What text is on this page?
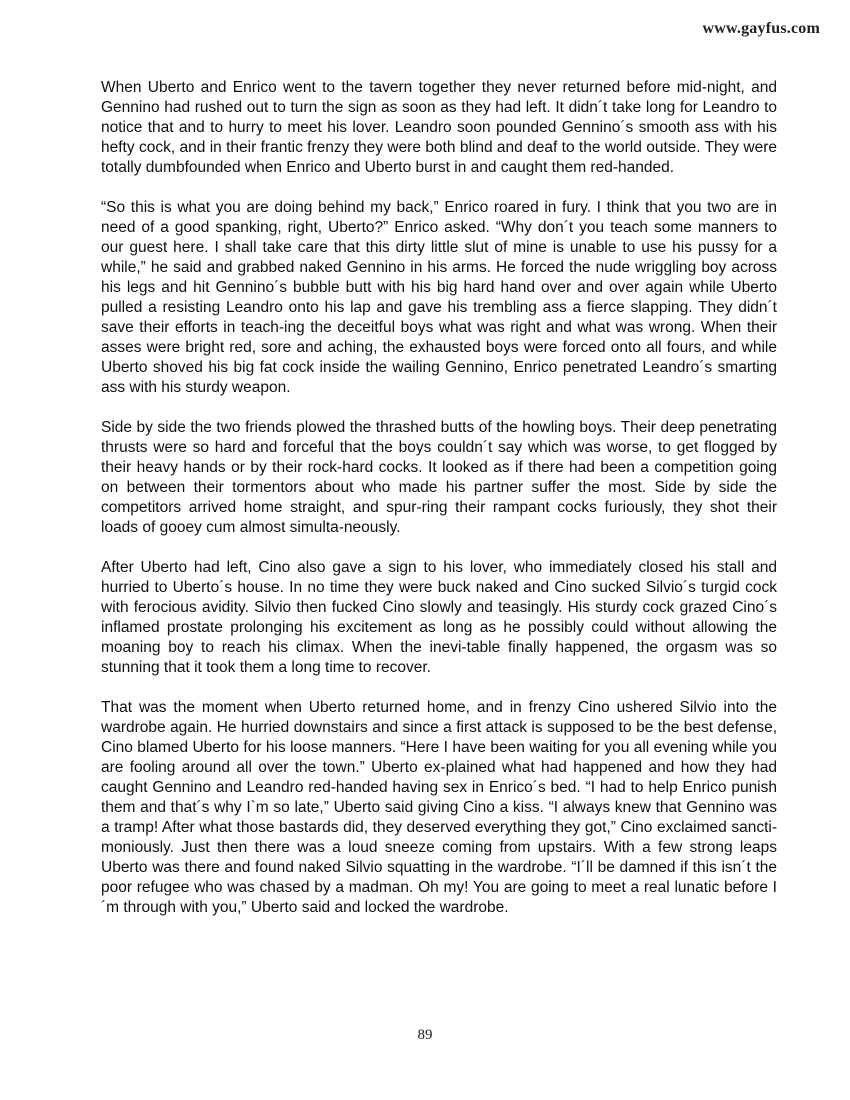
www.gayfus.com

When Uberto and Enrico went to the tavern together they never returned before mid-night, and Gennino had rushed out to turn the sign as soon as they had left. It didn´t take long for Leandro to notice that and to hurry to meet his lover. Leandro soon pounded Gennino´s smooth ass with his hefty cock, and in their frantic frenzy they were both blind and deaf to the world outside. They were totally dumbfounded when Enrico and Uberto burst in and caught them red-handed.

“So this is what you are doing behind my back,” Enrico roared in fury. I think that you two are in need of a good spanking, right, Uberto?” Enrico asked. “Why don´t you teach some manners to our guest here. I shall take care that this dirty little slut of mine is unable to use his pussy for a while,” he said and grabbed naked Gennino in his arms. He forced the nude wriggling boy across his legs and hit Gennino´s bubble butt with his big hard hand over and over again while Uberto pulled a resisting Leandro onto his lap and gave his trembling ass a fierce slapping. They didn´t save their efforts in teach-ing the deceitful boys what was right and what was wrong. When their asses were bright red, sore and aching, the exhausted boys were forced onto all fours, and while Uberto shoved his big fat cock inside the wailing Gennino, Enrico penetrated Leandro´s smarting ass with his sturdy weapon.

Side by side the two friends plowed the thrashed butts of the howling boys. Their deep penetrating thrusts were so hard and forceful that the boys couldn´t say which was worse, to get flogged by their heavy hands or by their rock-hard cocks. It looked as if there had been a competition going on between their tormentors about who made his partner suffer the most. Side by side the competitors arrived home straight, and spur-ring their rampant cocks furiously, they shot their loads of gooey cum almost simulta-neously.

After Uberto had left, Cino also gave a sign to his lover, who immediately closed his stall and hurried to Uberto´s house. In no time they were buck naked and Cino sucked Silvio´s turgid cock with ferocious avidity. Silvio then fucked Cino slowly and teasingly. His sturdy cock grazed Cino´s inflamed prostate prolonging his excitement as long as he possibly could without allowing the moaning boy to reach his climax. When the inevi-table finally happened, the orgasm was so stunning that it took them a long time to recover.

That was the moment when Uberto returned home, and in frenzy Cino ushered Silvio into the wardrobe again. He hurried downstairs and since a first attack is supposed to be the best defense, Cino blamed Uberto for his loose manners. “Here I have been waiting for you all evening while you are fooling around all over the town.” Uberto ex-plained what had happened and how they had caught Gennino and Leandro red-handed having sex in Enrico´s bed. “I had to help Enrico punish them and that´s why I`m so late,” Uberto said giving Cino a kiss. “I always knew that Gennino was a tramp! After what those bastards did, they deserved everything they got,” Cino exclaimed sancti-moniously. Just then there was a loud sneeze coming from upstairs. With a few strong leaps Uberto was there and found naked Silvio squatting in the wardrobe. “I´ll be damned if this isn´t the poor refugee who was chased by a madman. Oh my! You are going to meet a real lunatic before I´m through with you,” Uberto said and locked the wardrobe.

89
